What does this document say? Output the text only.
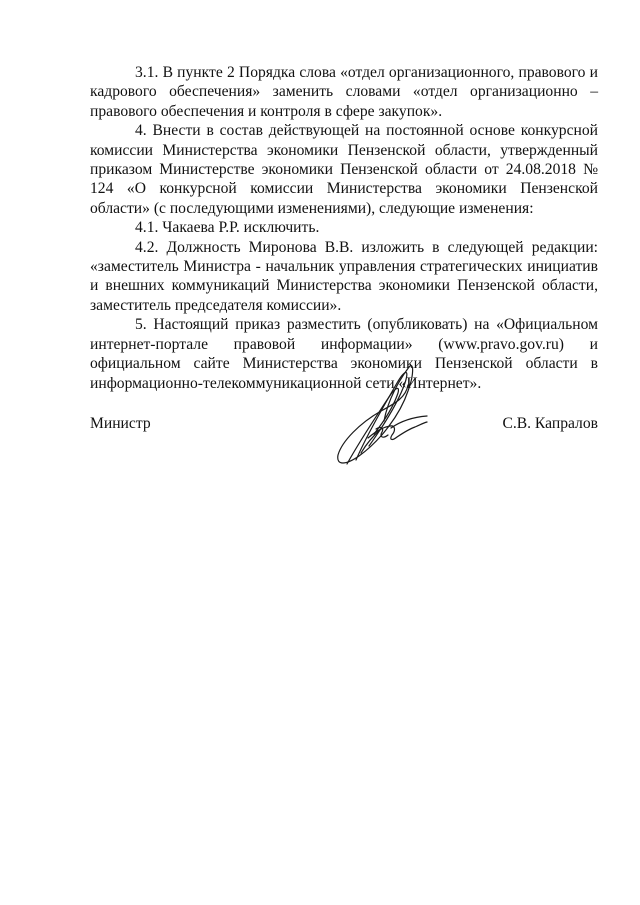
3.1. В пункте 2 Порядка слова «отдел организационного, правового и кадрового обеспечения» заменить словами «отдел организационно – правового обеспечения и контроля в сфере закупок».

4. Внести в состав действующей на постоянной основе конкурсной комиссии Министерства экономики Пензенской области, утвержденный приказом Министерстве экономики Пензенской области от 24.08.2018 № 124 «О конкурсной комиссии Министерства экономики Пензенской области» (с последующими изменениями), следующие изменения:

4.1. Чакаева Р.Р. исключить.

4.2. Должность Миронова В.В. изложить в следующей редакции: «заместитель Министра - начальник управления стратегических инициатив и внешних коммуникаций Министерства экономики Пензенской области, заместитель председателя комиссии».

5. Настоящий приказ разместить (опубликовать) на «Официальном интернет-портале правовой информации» (www.pravo.gov.ru) и официальном сайте Министерства экономики Пензенской области в информационно-телекоммуникационной сети «Интернет».

Министр	С.В. Капралов
